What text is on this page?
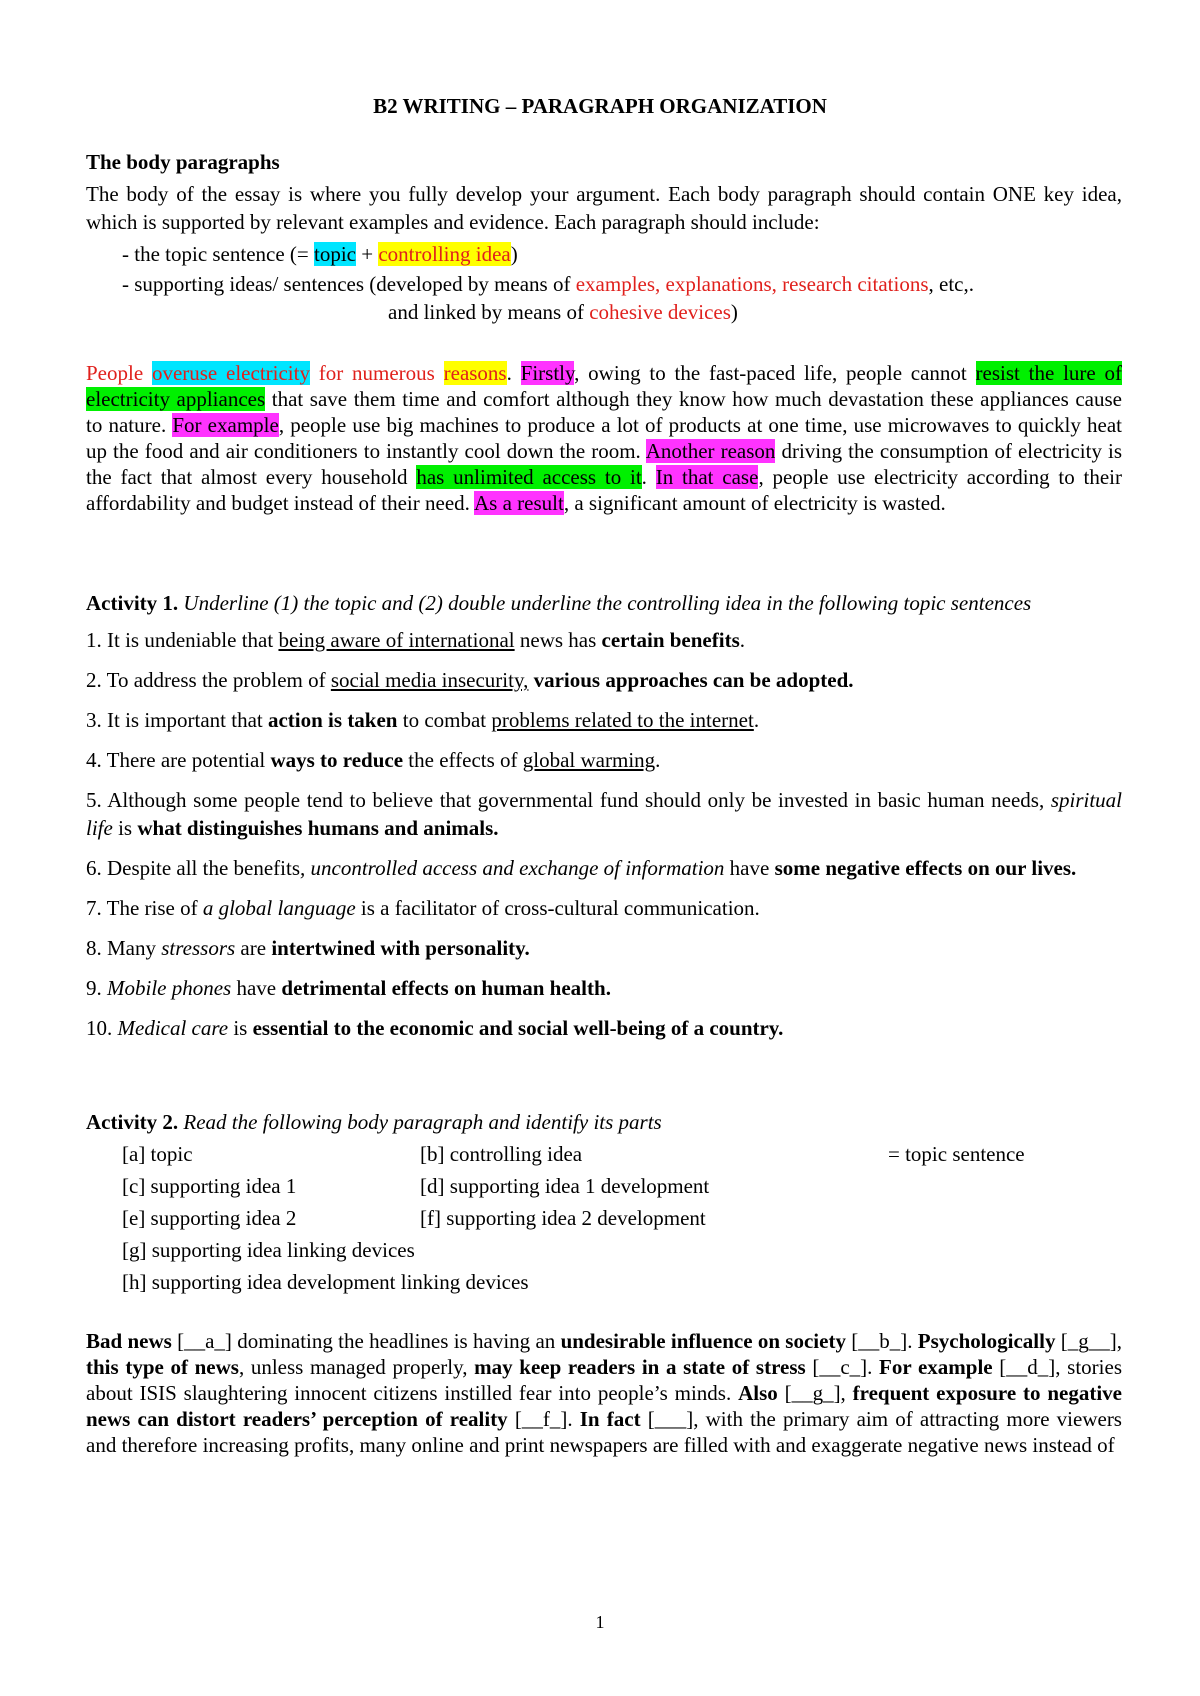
B2 WRITING – PARAGRAPH ORGANIZATION
The body paragraphs
The body of the essay is where you fully develop your argument. Each body paragraph should contain ONE key idea, which is supported by relevant examples and evidence. Each paragraph should include:
- the topic sentence (= topic + controlling idea)
- supporting ideas/ sentences (developed by means of examples, explanations, research citations, etc,.
and linked by means of cohesive devices)
People overuse electricity for numerous reasons. Firstly, owing to the fast-paced life, people cannot resist the lure of electricity appliances that save them time and comfort although they know how much devastation these appliances cause to nature. For example, people use big machines to produce a lot of products at one time, use microwaves to quickly heat up the food and air conditioners to instantly cool down the room. Another reason driving the consumption of electricity is the fact that almost every household has unlimited access to it. In that case, people use electricity according to their affordability and budget instead of their need. As a result, a significant amount of electricity is wasted.
Activity 1. Underline (1) the topic and (2) double underline the controlling idea in the following topic sentences
1. It is undeniable that being aware of international news has certain benefits.
2. To address the problem of social media insecurity, various approaches can be adopted.
3. It is important that action is taken to combat problems related to the internet.
4. There are potential ways to reduce the effects of global warming.
5. Although some people tend to believe that governmental fund should only be invested in basic human needs, spiritual life is what distinguishes humans and animals.
6. Despite all the benefits, uncontrolled access and exchange of information have some negative effects on our lives.
7. The rise of a global language is a facilitator of cross-cultural communication.
8. Many stressors are intertwined with personality.
9. Mobile phones have detrimental effects on human health.
10. Medical care is essential to the economic and social well-being of a country.
Activity 2. Read the following body paragraph and identify its parts
[a] topic	[b] controlling idea	= topic sentence
[c] supporting idea 1	[d] supporting idea 1 development
[e] supporting idea 2	[f] supporting idea 2 development
[g] supporting idea linking devices
[h] supporting idea development linking devices
Bad news [__a_] dominating the headlines is having an undesirable influence on society [__b_]. Psychologically [_g__], this type of news, unless managed properly, may keep readers in a state of stress [__c_]. For example [__d_], stories about ISIS slaughtering innocent citizens instilled fear into people’s minds. Also [__g_], frequent exposure to negative news can distort readers’ perception of reality [__f_]. In fact [___], with the primary aim of attracting more viewers and therefore increasing profits, many online and print newspapers are filled with and exaggerate negative news instead of
1
